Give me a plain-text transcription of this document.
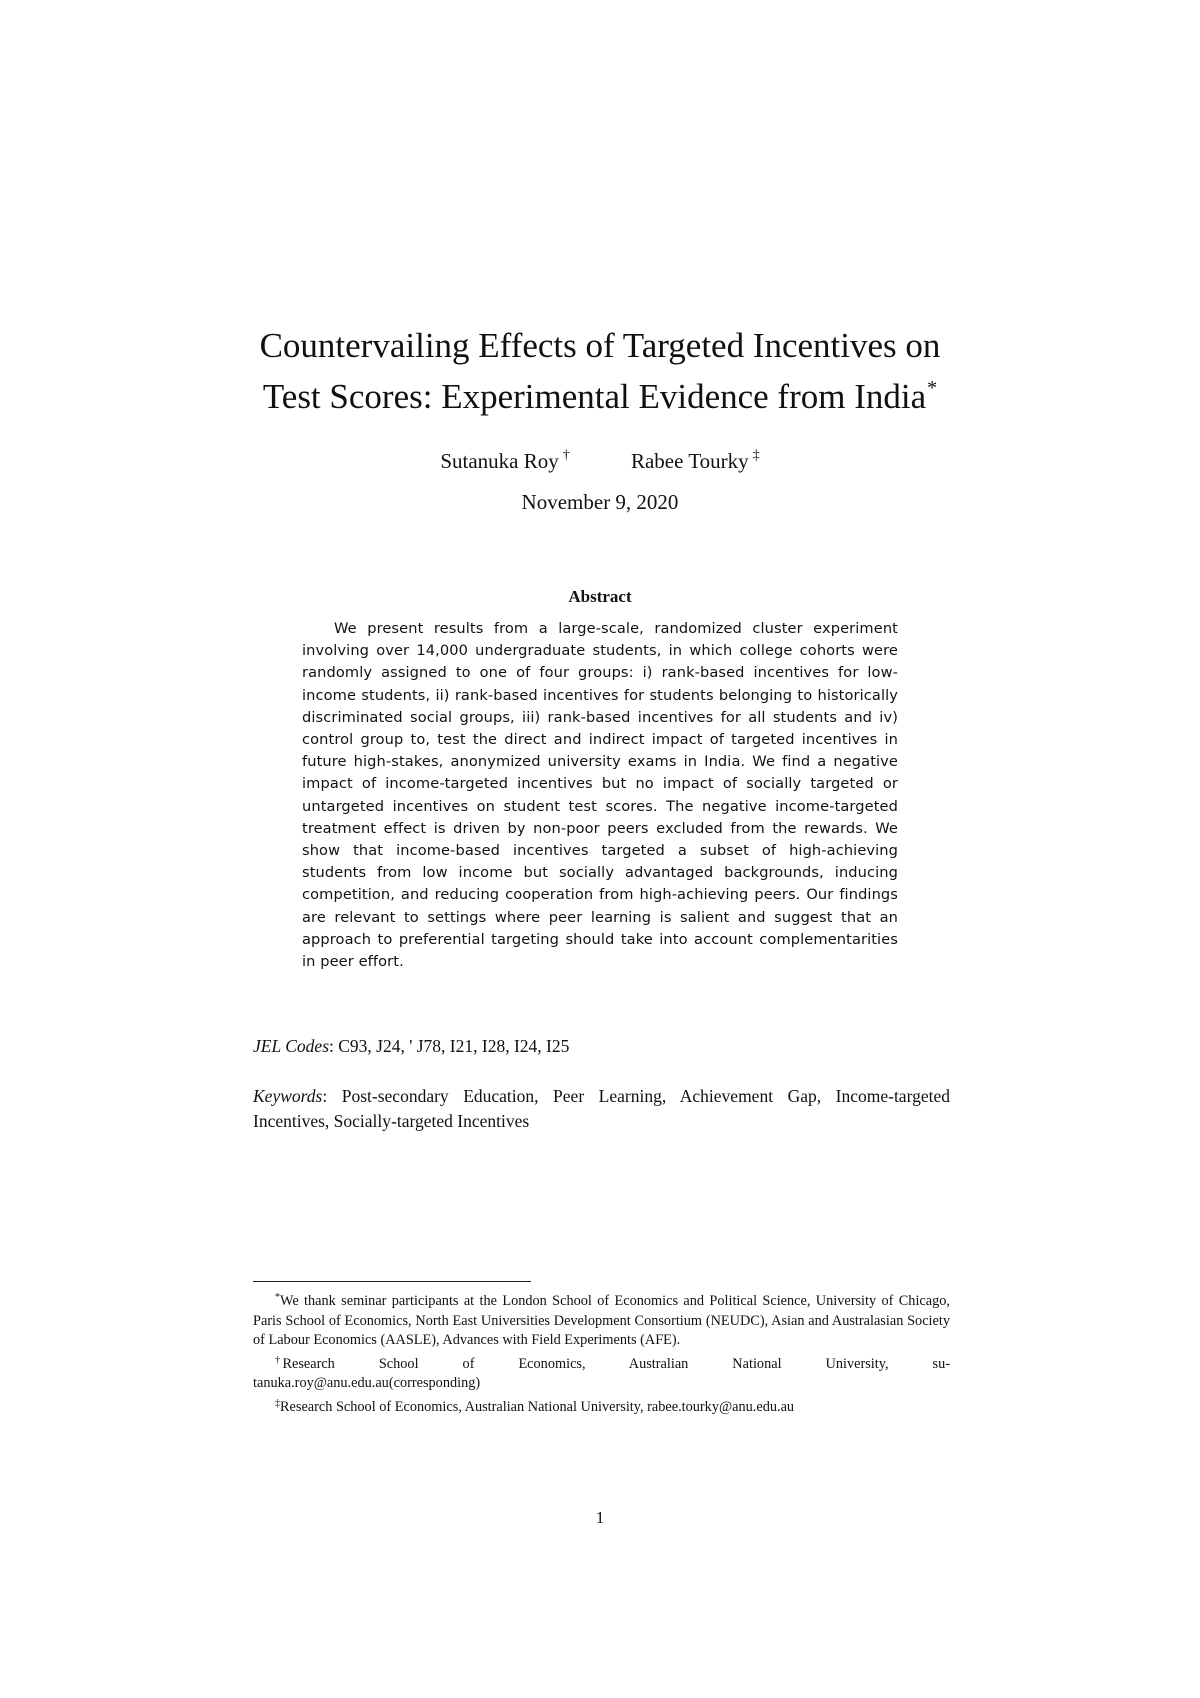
Countervailing Effects of Targeted Incentives on
Test Scores: Experimental Evidence from India*
Sutanuka Roy †	Rabee Tourky ‡
November 9, 2020
Abstract
We present results from a large-scale, randomized cluster experiment involving over 14,000 undergraduate students, in which college cohorts were randomly assigned to one of four groups: i) rank-based incentives for low-income students, ii) rank-based incentives for students belonging to historically discriminated social groups, iii) rank-based incentives for all students and iv) control group to, test the direct and indirect impact of targeted incentives in future high-stakes, anonymized university exams in India. We find a negative impact of income-targeted incentives but no impact of socially targeted or untargeted incentives on student test scores. The negative income-targeted treatment effect is driven by non-poor peers excluded from the rewards. We show that income-based incentives targeted a subset of high-achieving students from low income but socially advantaged backgrounds, inducing competition, and reducing cooperation from high-achieving peers. Our findings are relevant to settings where peer learning is salient and suggest that an approach to preferential targeting should take into account complementarities in peer effort.
JEL Codes: C93, J24, ' J78, I21, I28, I24, I25
Keywords: Post-secondary Education, Peer Learning, Achievement Gap, Income-targeted Incentives, Socially-targeted Incentives

*We thank seminar participants at the London School of Economics and Political Science, University of Chicago, Paris School of Economics, North East Universities Development Consortium (NEUDC), Asian and Australasian Society of Labour Economics (AASLE), Advances with Field Experiments (AFE).

†Research School of Economics, Australian National University, su-

tanuka.roy@anu.edu.au(corresponding)

‡Research School of Economics, Australian National University, rabee.tourky@anu.edu.au

1
